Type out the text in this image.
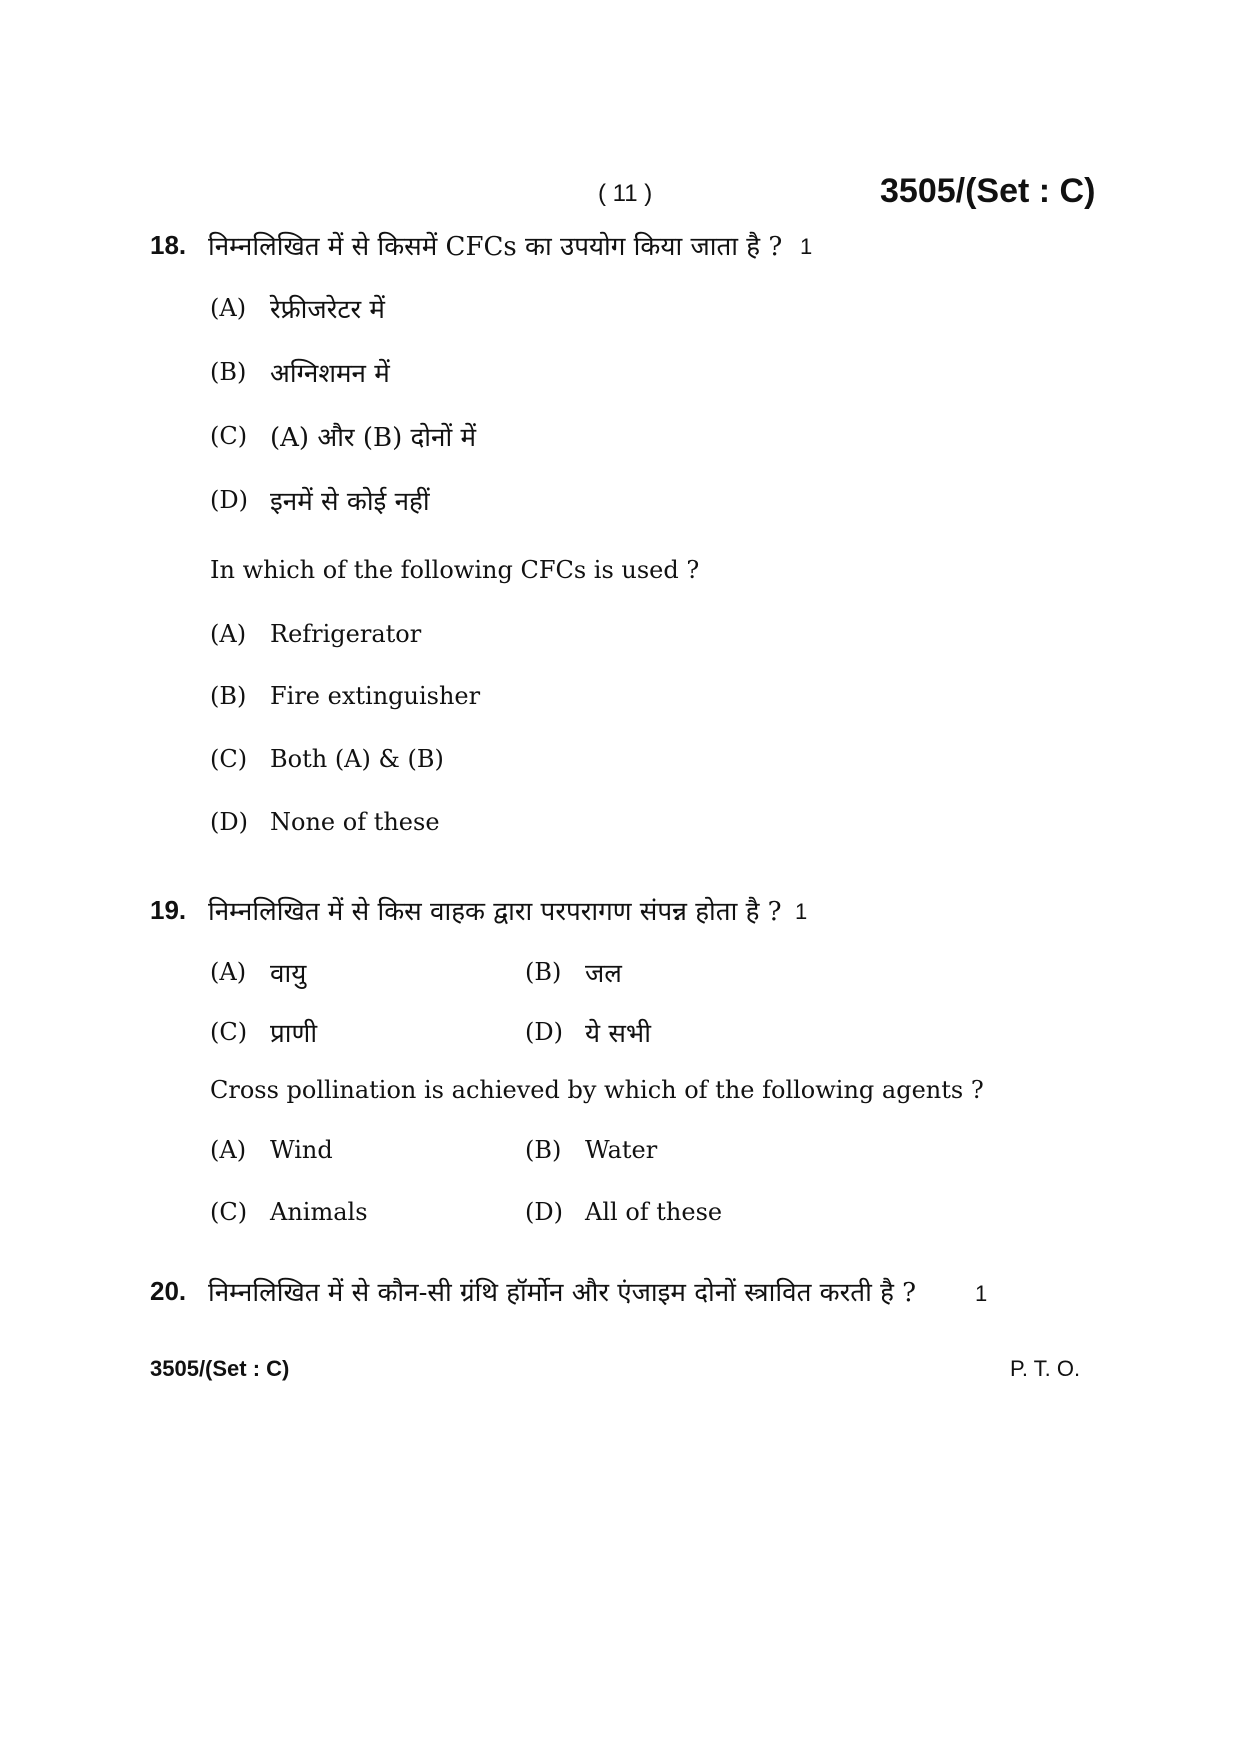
( 11 )	3505/(Set : C)
18. निम्नलिखित में से किसमें CFCs का उपयोग किया जाता है ? 1
(A) रेफ्रीजरेटर में
(B) अग्निशमन में
(C) (A) और (B) दोनों में
(D) इनमें से कोई नहीं
In which of the following CFCs is used ?
(A) Refrigerator
(B) Fire extinguisher
(C) Both (A) & (B)
(D) None of these
19. निम्नलिखित में से किस वाहक द्वारा परपरागण संपन्न होता है ? 1
(A) वायु	(B) जल
(C) प्राणी	(D) ये सभी
Cross pollination is achieved by which of the following agents ?
(A) Wind	(B) Water
(C) Animals	(D) All of these
20. निम्नलिखित में से कौन-सी ग्रंथि हॉर्मोन और एंजाइम दोनों स्त्रावित करती है ?	1
3505/(Set : C)	P. T. O.
